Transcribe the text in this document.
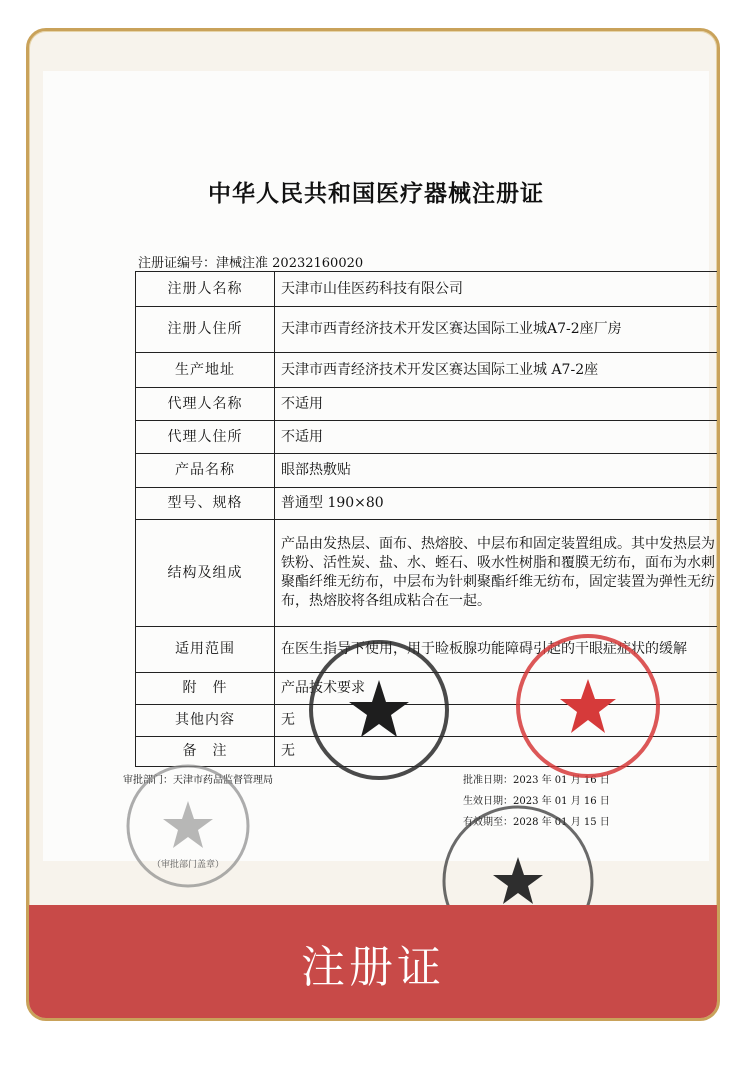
中华人民共和国医疗器械注册证
注册证编号：津械注准 20232160020
注册人名称	天津市山佳医药科技有限公司
注册人住所	天津市西青经济技术开发区赛达国际工业城A7-2座厂房
生产地址	天津市西青经济技术开发区赛达国际工业城 A7-2座
代理人名称	不适用
代理人住所	不适用
产品名称	眼部热敷贴
型号、规格	普通型 190×80
结构及组成	产品由发热层、面布、热熔胶、中层布和固定装置组成。其中发热层为铁粉、活性炭、盐、水、蛭石、吸水性树脂和覆膜无纺布，面布为水刺聚酯纤维无纺布，中层布为针刺聚酯纤维无纺布，固定装置为弹性无纺布，热熔胶将各组成粘合在一起。
适用范围	在医生指导下使用，用于睑板腺功能障碍引起的干眼症症状的缓解
附　件	产品技术要求
其他内容	无
备　注	无
审批部门：天津市药品监督管理局	批准日期：2023 年 01 月 16 日
生效日期：2023 年 01 月 16 日
有效期至：2028 年 01 月 15 日
（审批部门盖章）
注册证
